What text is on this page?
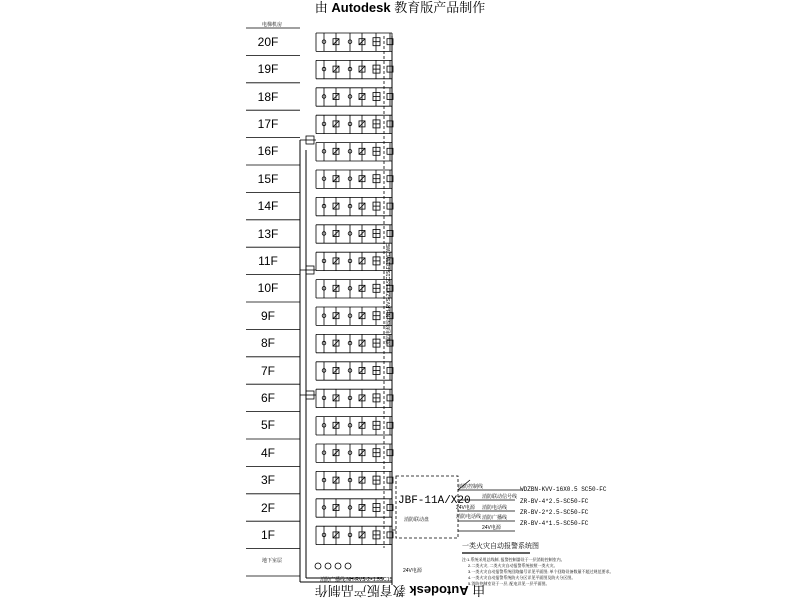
由 Autodesk 教育版产品制作
20F
19F
18F
17F
16F
15F
14F
13F
11F
10F
9F
8F
7F
6F
5F
4F
3F
2F
1F
电梯机房
地下室层
消防电源线: NH-RVS-2X1.5SC15-FC/WC.WE
消防广播线:NH-RVS-2×1.5SC15
24V电源
JBF-11A/X20
消防联动盘
消防控制线
消防联动信号线
消防电话线
消防广播线
24V电源
24V电源
消防电话线
WDZBN-KVV-16X0.5 SC50-FC
ZR-BV-4*2.5-SC50-FC
ZR-BV-2*2.5-SC50-FC
ZR-BV-4*1.5-SC50-FC
一类火灾自动报警系统图
注:1.系统采用总线制, 报警控制器设于一层消防控制室内。
2.二类火灾, 二类火灾自动报警系统按照一类火灾。
3.一类火灾自动报警系统回路编号详见平面图; 单个回路设备数量不超过规范要求。
4.一类火灾自动报警系统防火分区详见平面图及防火分区图。
5.消防控制室设于一层, 配电详见一层平面图。
由 Autodesk 教育版产品制作
